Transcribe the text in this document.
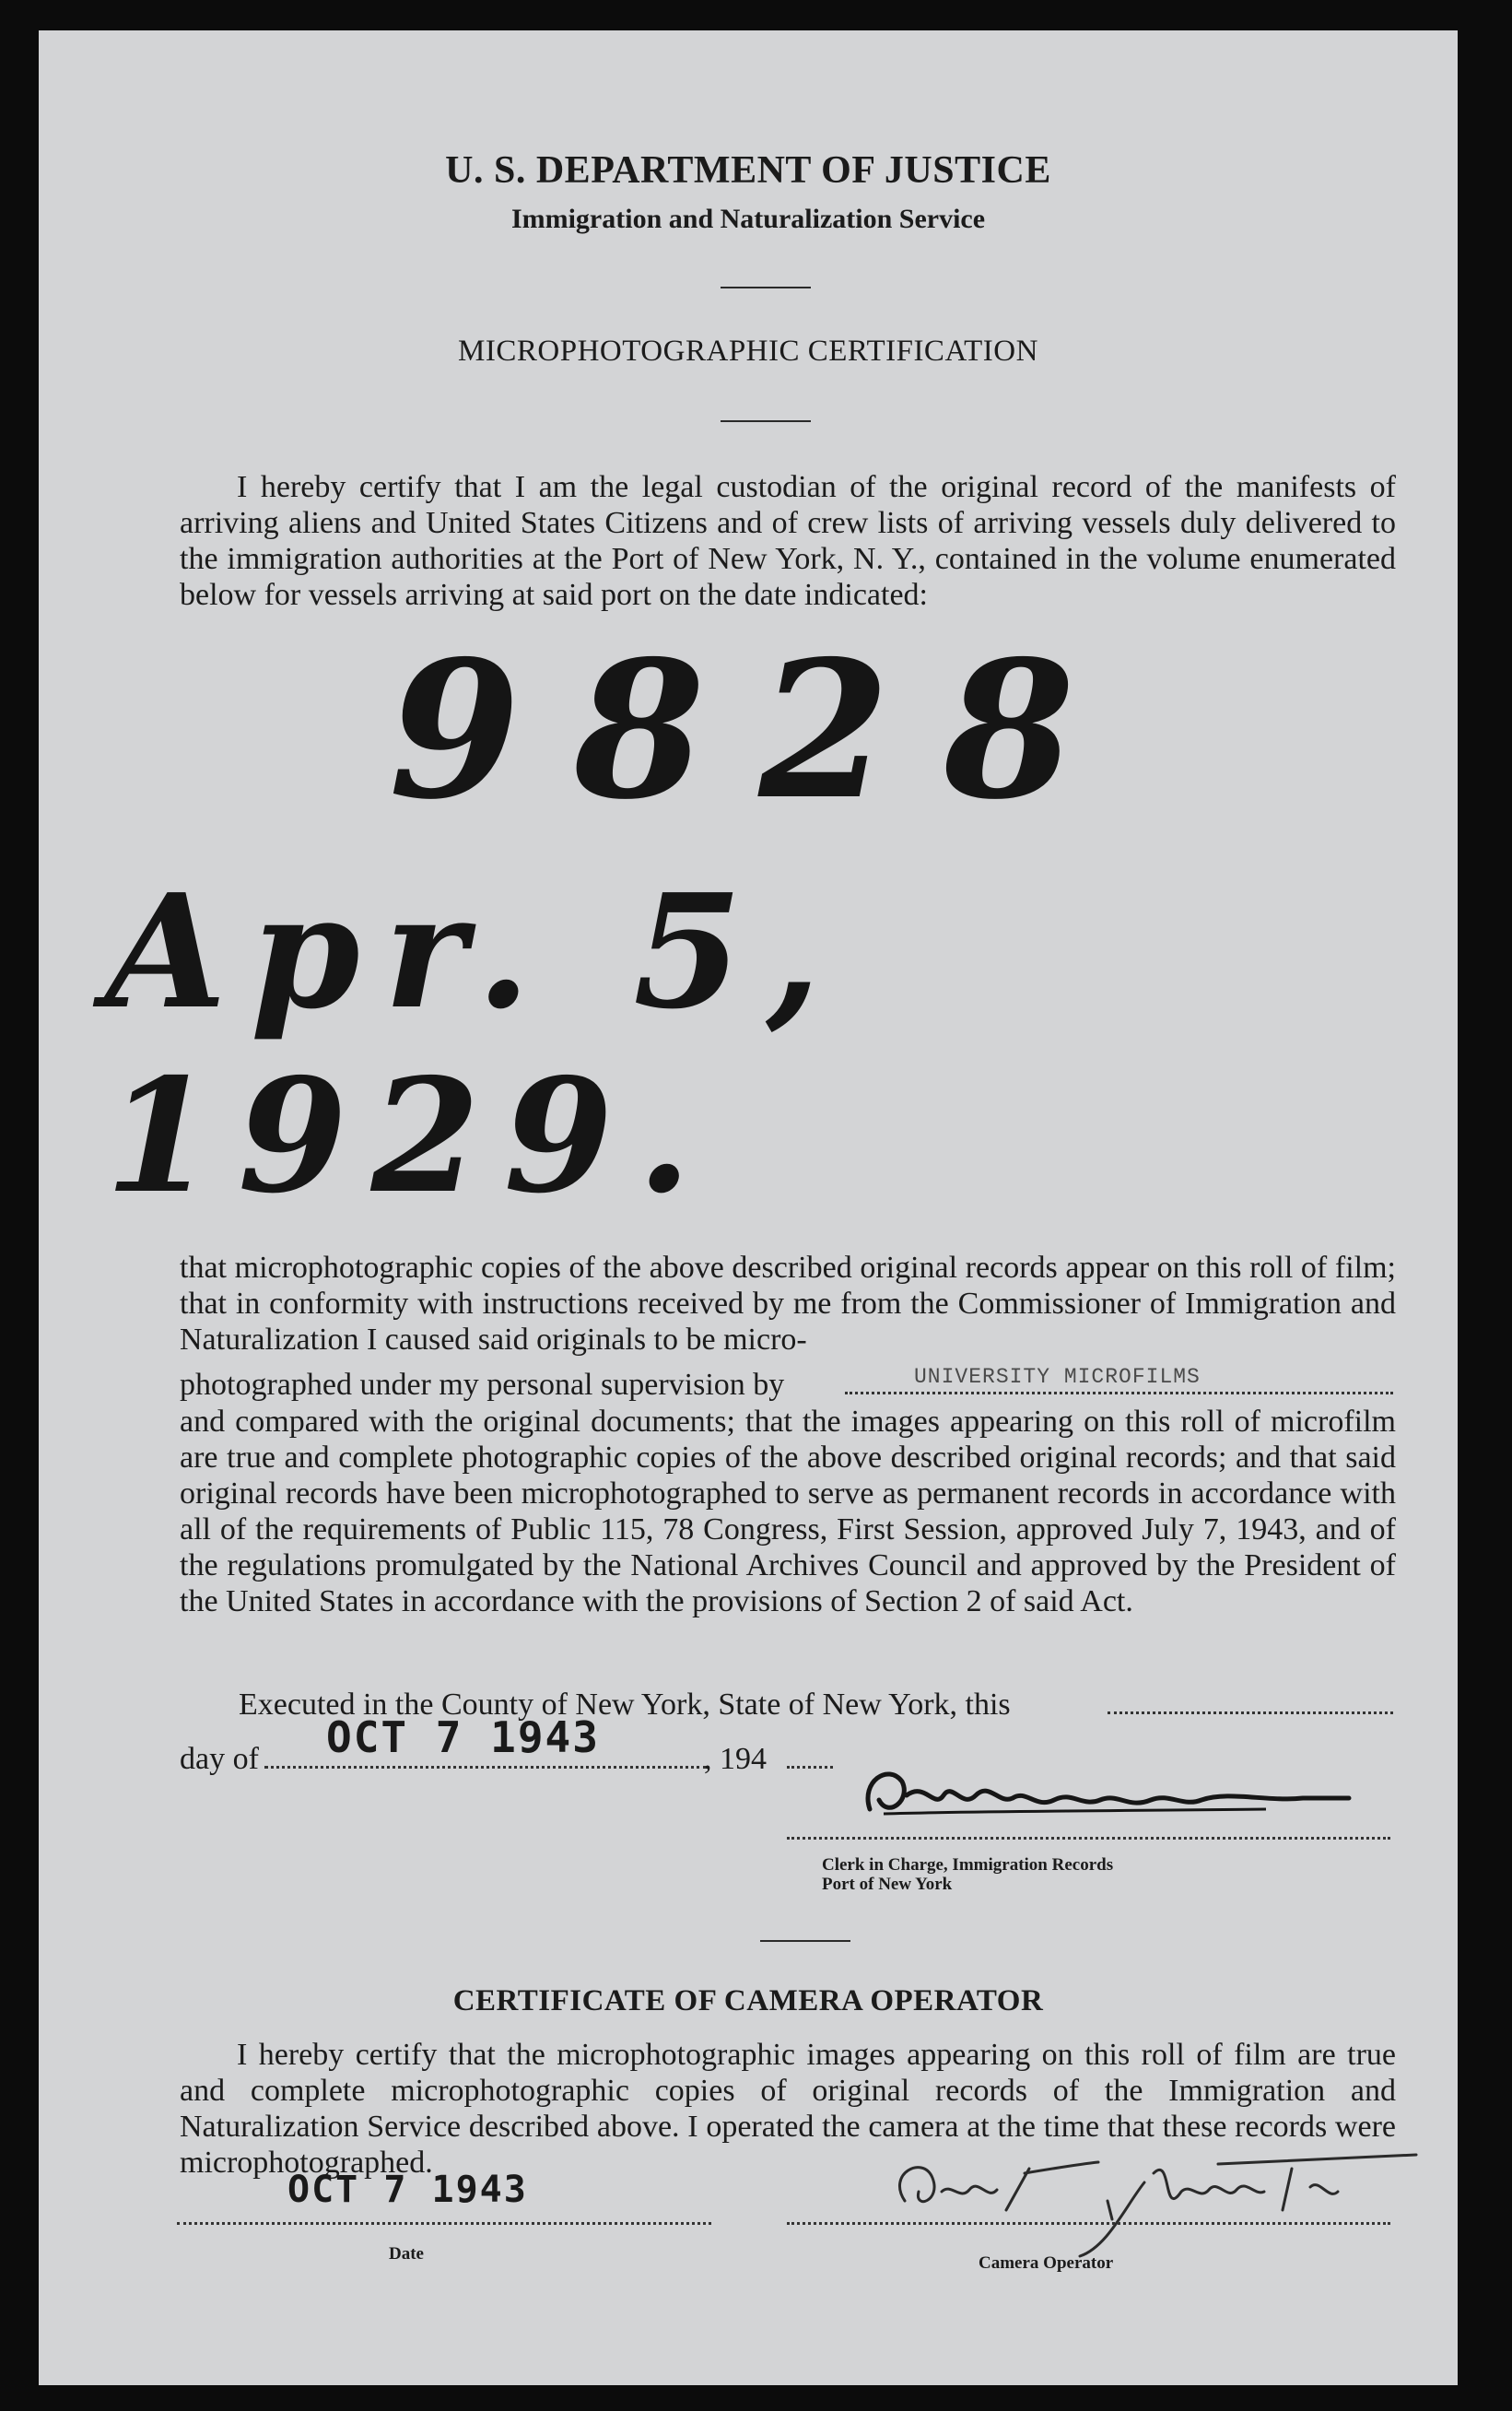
U. S. DEPARTMENT OF JUSTICE
Immigration and Naturalization Service
MICROPHOTOGRAPHIC CERTIFICATION
I hereby certify that I am the legal custodian of the original record of the manifests of arriving aliens and United States Citizens and of crew lists of arriving vessels duly delivered to the immigration authorities at the Port of New York, N. Y., contained in the volume enumerated below for vessels arriving at said port on the date indicated:
9828
Apr. 5, 1929.
that microphotographic copies of the above described original records appear on this roll of film; that in conformity with instructions received by me from the Commissioner of Immigration and Naturalization I caused said originals to be micro-
photographed under my personal supervision by	UNIVERSITY MICROFILMS
and compared with the original documents; that the images appearing on this roll of microfilm are true and complete photographic copies of the above described original records; and that said original records have been microphotographed to serve as permanent records in accordance with all of the requirements of Public 115, 78 Congress, First Session, approved July 7, 1943, and of the regulations promulgated by the National Archives Council and approved by the President of the United States in accordance with the provisions of Section 2 of said Act.
Executed in the County of New York, State of New York, this
day of OCT 7 1943	, 194
Clerk in Charge, Immigration Records
Port of New York
CERTIFICATE OF CAMERA OPERATOR
I hereby certify that the microphotographic images appearing on this roll of film are true and complete microphotographic copies of original records of the Immigration and Naturalization Service described above. I operated the camera at the time that these records were microphotographed.
OCT 7 1943
Date	Camera Operator
